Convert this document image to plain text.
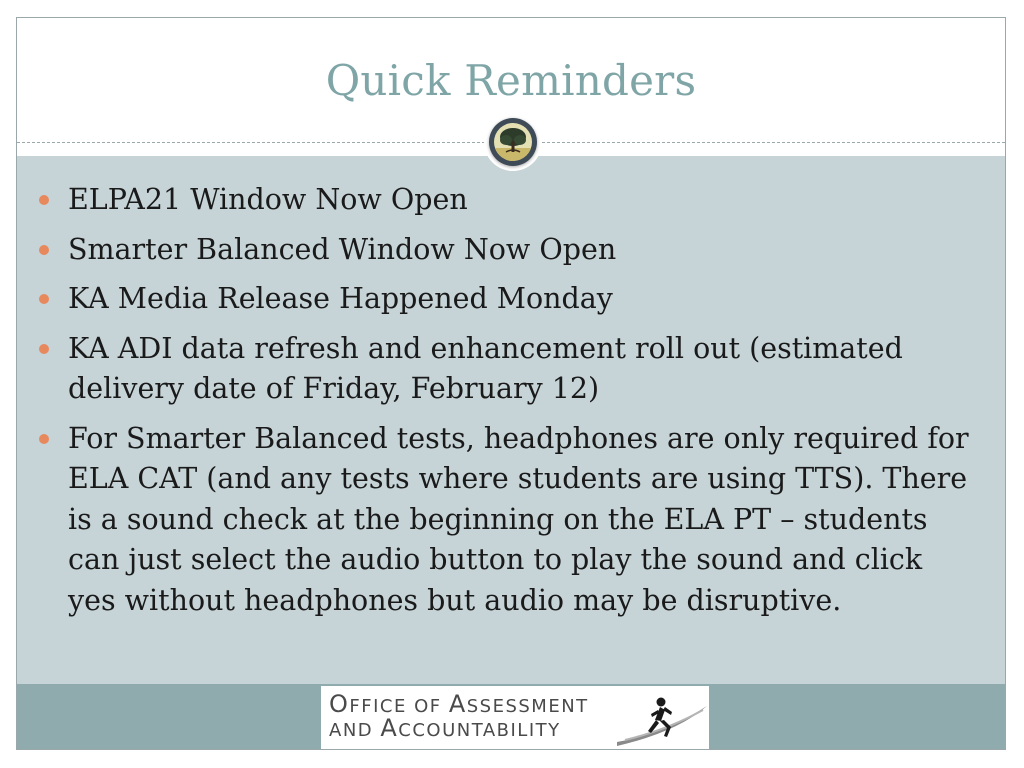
Quick Reminders
ELPA21 Window Now Open
Smarter Balanced Window Now Open
KA Media Release Happened Monday
KA ADI data refresh and enhancement roll out (estimated delivery date of Friday, February 12)
For Smarter Balanced tests, headphones are only required for ELA CAT (and any tests where students are using TTS). There is a sound check at the beginning on the ELA PT – students can just select the audio button to play the sound and click yes without headphones but audio may be disruptive.
OFFICE OF ASSESSMENT
AND ACCOUNTABILITY
